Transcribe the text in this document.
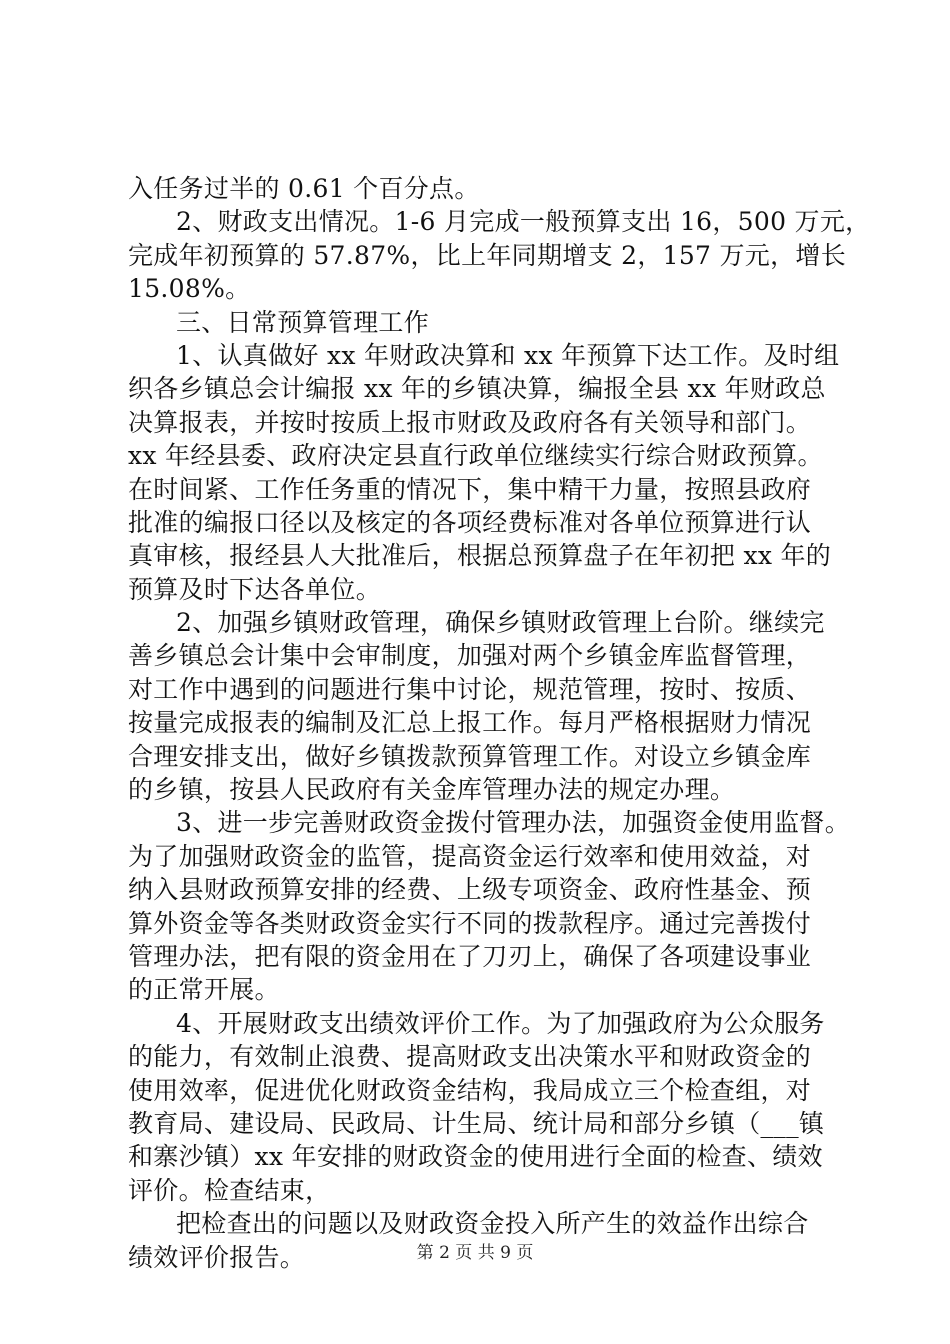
入任务过半的 0.61 个百分点。
2、财政支出情况。1-6 月完成一般预算支出 16，500 万元，
完成年初预算的 57.87%，比上年同期增支 2，157 万元，增长
15.08%。
三、日常预算管理工作
1、认真做好 xx 年财政决算和 xx 年预算下达工作。及时组
织各乡镇总会计编报 xx 年的乡镇决算，编报全县 xx 年财政总
决算报表，并按时按质上报市财政及政府各有关领导和部门。
xx 年经县委、政府决定县直行政单位继续实行综合财政预算。
在时间紧、工作任务重的情况下，集中精干力量，按照县政府
批准的编报口径以及核定的各项经费标准对各单位预算进行认
真审核，报经县人大批准后，根据总预算盘子在年初把 xx 年的
预算及时下达各单位。
2、加强乡镇财政管理，确保乡镇财政管理上台阶。继续完
善乡镇总会计集中会审制度，加强对两个乡镇金库监督管理，
对工作中遇到的问题进行集中讨论，规范管理，按时、按质、
按量完成报表的编制及汇总上报工作。每月严格根据财力情况
合理安排支出，做好乡镇拨款预算管理工作。对设立乡镇金库
的乡镇，按县人民政府有关金库管理办法的规定办理。
3、进一步完善财政资金拨付管理办法，加强资金使用监督。
为了加强财政资金的监管，提高资金运行效率和使用效益，对
纳入县财政预算安排的经费、上级专项资金、政府性基金、预
算外资金等各类财政资金实行不同的拨款程序。通过完善拨付
管理办法，把有限的资金用在了刀刃上，确保了各项建设事业
的正常开展。
4、开展财政支出绩效评价工作。为了加强政府为公众服务
的能力，有效制止浪费、提高财政支出决策水平和财政资金的
使用效率，促进优化财政资金结构，我局成立三个检查组，对
教育局、建设局、民政局、计生局、统计局和部分乡镇（___镇
和寨沙镇）xx 年安排的财政资金的使用进行全面的检查、绩效
评价。检查结束，
把检查出的问题以及财政资金投入所产生的效益作出综合
绩效评价报告。	第 2 页 共 9 页
